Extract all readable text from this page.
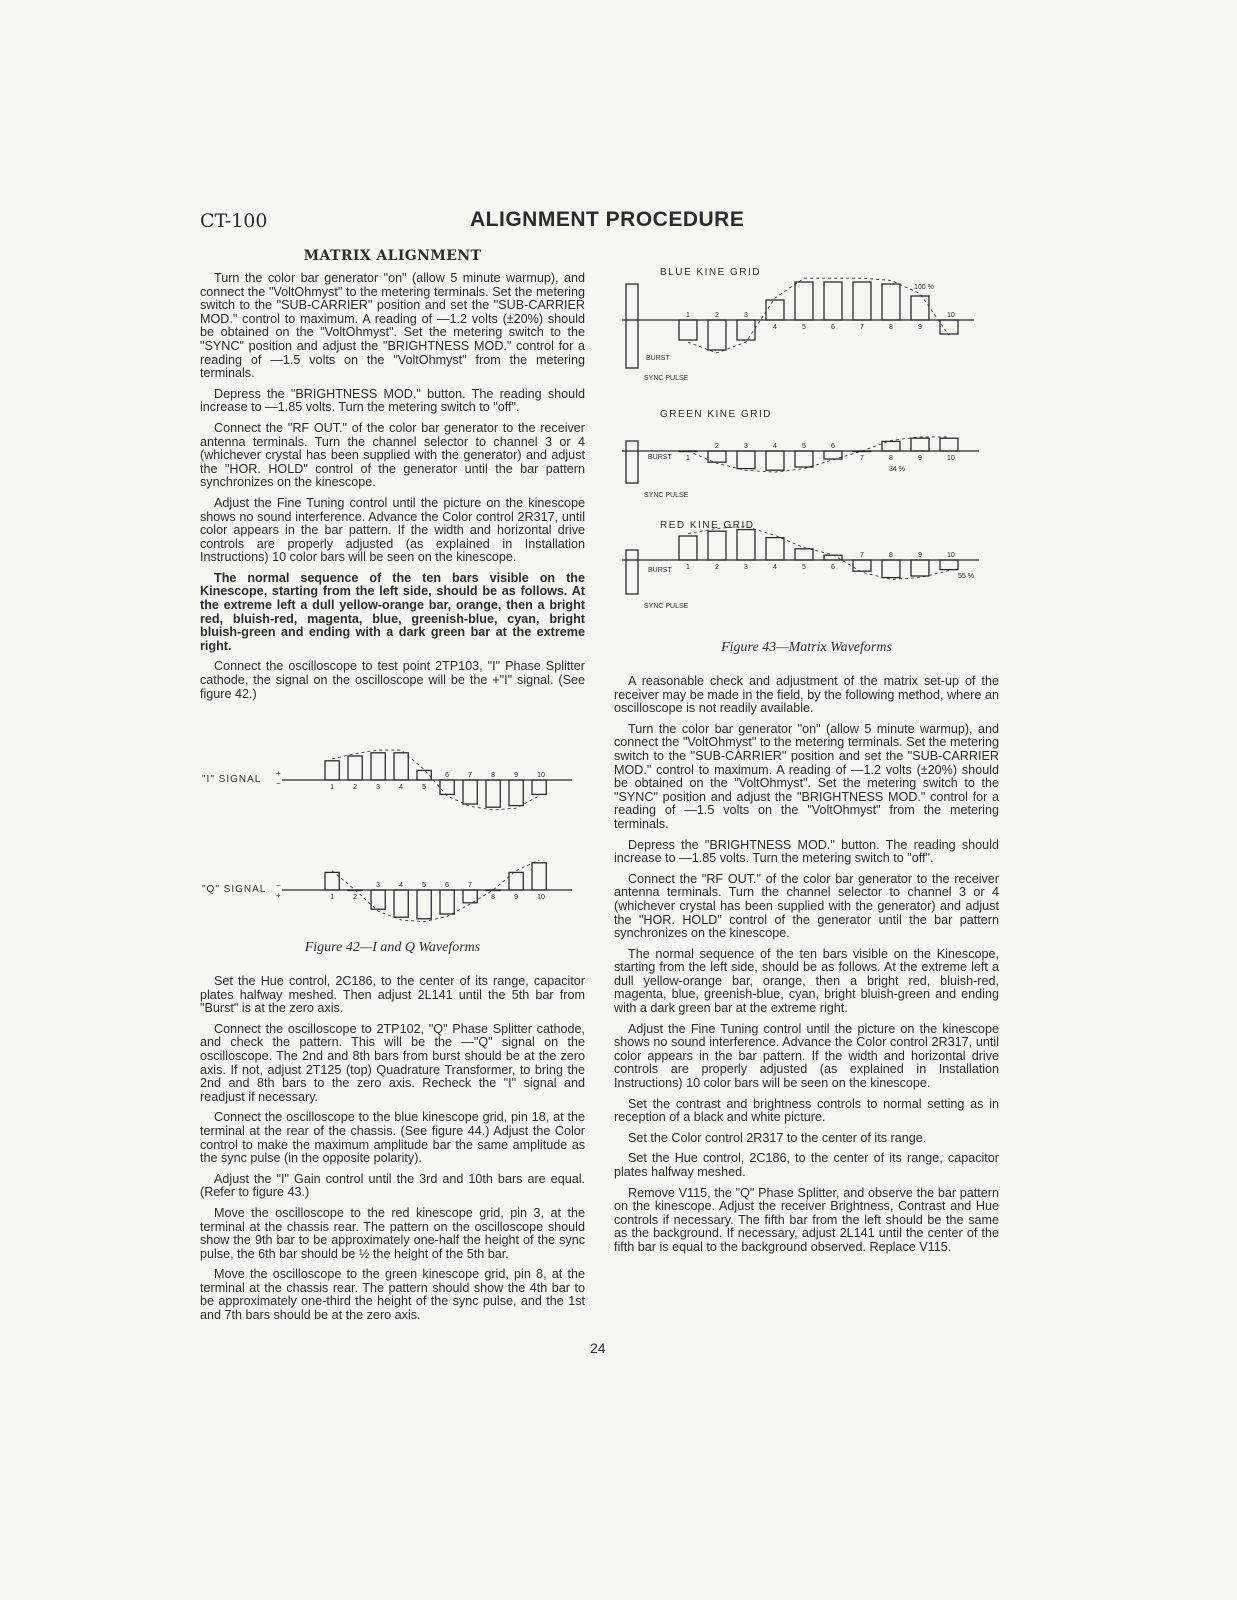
CT-100	ALIGNMENT PROCEDURE
MATRIX ALIGNMENT

Turn the color bar generator "on" (allow 5 minute warmup), and connect the "VoltOhmyst" to the metering terminals. Set the metering switch to the "SUB-CARRIER" position and set the "SUB-CARRIER MOD." control to maximum. A reading of —1.2 volts (±20%) should be obtained on the "VoltOhmyst". Set the metering switch to the "SYNC" position and adjust the "BRIGHTNESS MOD." control for a reading of —1.5 volts on the "VoltOhmyst" from the metering terminals.

Depress the "BRIGHTNESS MOD." button. The reading should increase to —1.85 volts. Turn the metering switch to "off".

Connect the "RF OUT." of the color bar generator to the receiver antenna terminals. Turn the channel selector to channel 3 or 4 (whichever crystal has been supplied with the generator) and adjust the "HOR. HOLD" control of the generator until the bar pattern synchronizes on the kinescope.

Adjust the Fine Tuning control until the picture on the kinescope shows no sound interference. Advance the Color control 2R317, until color appears in the bar pattern. If the width and horizontal drive controls are properly adjusted (as explained in Installation Instructions) 10 color bars will be seen on the kinescope.

The normal sequence of the ten bars visible on the Kinescope, starting from the left side, should be as follows. At the extreme left a dull yellow-orange bar, orange, then a bright red, bluish-red, magenta, blue, greenish-blue, cyan, bright bluish-green and ending with a dark green bar at the extreme right.

Connect the oscilloscope to test point 2TP103, "I" Phase Splitter cathode, the signal on the oscilloscope will be the +"I" signal. (See figure 42.)

"I" SIGNAL
+
−	1	2	3	4	5
6	7	8	9	10
"Q" SIGNAL −
+	1	2
3	4	5	6	7
8	9	10
Figure 42—I and Q Waveforms

Set the Hue control, 2C186, to the center of its range, capacitor plates halfway meshed. Then adjust 2L141 until the 5th bar from "Burst" is at the zero axis.

Connect the oscilloscope to 2TP102, "Q" Phase Splitter cathode, and check the pattern. This will be the —"Q" signal on the oscilloscope. The 2nd and 8th bars from burst should be at the zero axis. If not, adjust 2T125 (top) Quadrature Transformer, to bring the 2nd and 8th bars to the zero axis. Recheck the "I" signal and readjust if necessary.

Connect the oscilloscope to the blue kinescope grid, pin 18, at the terminal at the rear of the chassis. (See figure 44.) Adjust the Color control to make the maximum amplitude bar the same amplitude as the sync pulse (in the opposite polarity).

Adjust the "I" Gain control until the 3rd and 10th bars are equal. (Refer to figure 43.)

Move the oscilloscope to the red kinescope grid, pin 3, at the terminal at the chassis rear. The pattern on the oscilloscope should show the 9th bar to be approximately one-half the height of the sync pulse, the 6th bar should be ½ the height of the 5th bar.

Move the oscilloscope to the green kinescope grid, pin 8, at the terminal at the chassis rear. The pattern should show the 4th bar to be approximately one-third the height of the sync pulse, and the 1st and 7th bars should be at the zero axis.

BLUE KINE GRID
100 %
BURST
SYNC PULSE
1	2	3
4	5	6	7	8	9
10
GREEN KINE GRID
34 %
BURST
SYNC PULSE
1
2	3	4	5	6
7	8	9	10
RED KINE GRID
55 %
BURST
SYNC PULSE
1	2	3	4	5	6
7	8	9	10
Figure 43—Matrix Waveforms

A reasonable check and adjustment of the matrix set-up of the receiver may be made in the field, by the following method, where an oscilloscope is not readily available.

Turn the color bar generator "on" (allow 5 minute warmup), and connect the "VoltOhmyst" to the metering terminals. Set the metering switch to the "SUB-CARRIER" position and set the "SUB-CARRIER MOD." control to maximum. A reading of —1.2 volts (±20%) should be obtained on the "VoltOhmyst". Set the metering switch to the "SYNC" position and adjust the "BRIGHTNESS MOD." control for a reading of —1.5 volts on the "VoltOhmyst" from the metering terminals.

Depress the "BRIGHTNESS MOD." button. The reading should increase to —1.85 volts. Turn the metering switch to "off".

Connect the "RF OUT." of the color bar generator to the receiver antenna terminals. Turn the channel selector to channel 3 or 4 (whichever crystal has been supplied with the generator) and adjust the "HOR. HOLD" control of the generator until the bar pattern synchronizes on the kinescope.

The normal sequence of the ten bars visible on the Kinescope, starting from the left side, should be as follows. At the extreme left a dull yellow-orange bar, orange, then a bright red, bluish-red, magenta, blue, greenish-blue, cyan, bright bluish-green and ending with a dark green bar at the extreme right.

Adjust the Fine Tuning control until the picture on the kinescope shows no sound interference. Advance the Color control 2R317, until color appears in the bar pattern. If the width and horizontal drive controls are properly adjusted (as explained in Installation Instructions) 10 color bars will be seen on the kinescope.

Set the contrast and brightness controls to normal setting as in reception of a black and white picture.

Set the Color control 2R317 to the center of its range.

Set the Hue control, 2C186, to the center of its range, capacitor plates halfway meshed.

Remove V115, the "Q" Phase Splitter, and observe the bar pattern on the kinescope. Adjust the receiver Brightness, Contrast and Hue controls if necessary. The fifth bar from the left should be the same as the background. If necessary, adjust 2L141 until the center of the fifth bar is equal to the background observed. Replace V115.

24
